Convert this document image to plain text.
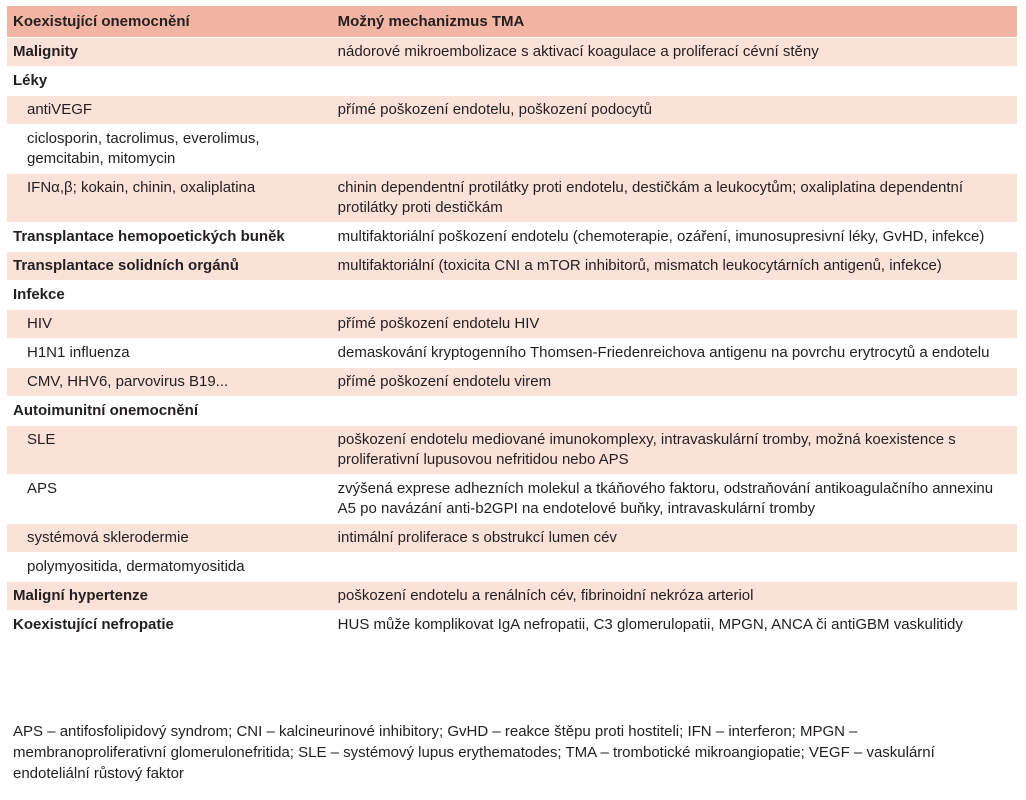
Koexistující onemocnění	Možný mechanizmus TMA
Malignity	nádorové mikroembolizace s aktivací koagulace a proliferací cévní stěny
Léky	
antiVEGF	přímé poškození endotelu, poškození podocytů
ciclosporin, tacrolimus, everolimus, gemcitabin, mitomycin	
IFNα,β; kokain, chinin, oxaliplatina	chinin dependentní protilátky proti endotelu, destičkám a leukocytům; oxaliplatina dependentní protilátky proti destičkám
Transplantace hemopoetických buněk	multifaktoriální poškození endotelu (chemoterapie, ozáření, imunosupresivní léky, GvHD, infekce)
Transplantace solidních orgánů	multifaktoriální (toxicita CNI a mTOR inhibitorů, mismatch leukocytárních antigenů, infekce)
Infekce	
HIV	přímé poškození endotelu HIV
H1N1 influenza	demaskování kryptogenního Thomsen-Friedenreichova antigenu na povrchu erytrocytů a endotelu
CMV, HHV6, parvovirus B19...	přímé poškození endotelu virem
Autoimunitní onemocnění	
SLE	poškození endotelu mediované imunokomplexy, intravaskulární tromby, možná koexistence s proliferativní lupusovou nefritidou nebo APS
APS	zvýšená exprese adhezních molekul a tkáňového faktoru, odstraňování antikoagulačního annexinu A5 po navázání anti-b2GPI na endotelové buňky, intravaskulární tromby
systémová sklerodermie	intimální proliferace s obstrukcí lumen cév
polymyositida, dermatomyositida	
Maligní hypertenze	poškození endotelu a renálních cév, fibrinoidní nekróza arteriol
Koexistující nefropatie	HUS může komplikovat IgA nefropatii, C3 glomerulopatii, MPGN, ANCA či antiGBM vaskulitidy
APS – antifosfolipidový syndrom; CNI – kalcineurinové inhibitory; GvHD – reakce štěpu proti hostiteli; IFN – interferon; MPGN – membranoproliferativní glomerulonefritida; SLE – systémový lupus erythematodes; TMA – trombotické mikroangiopatie; VEGF – vaskulární endoteliální růstový faktor
